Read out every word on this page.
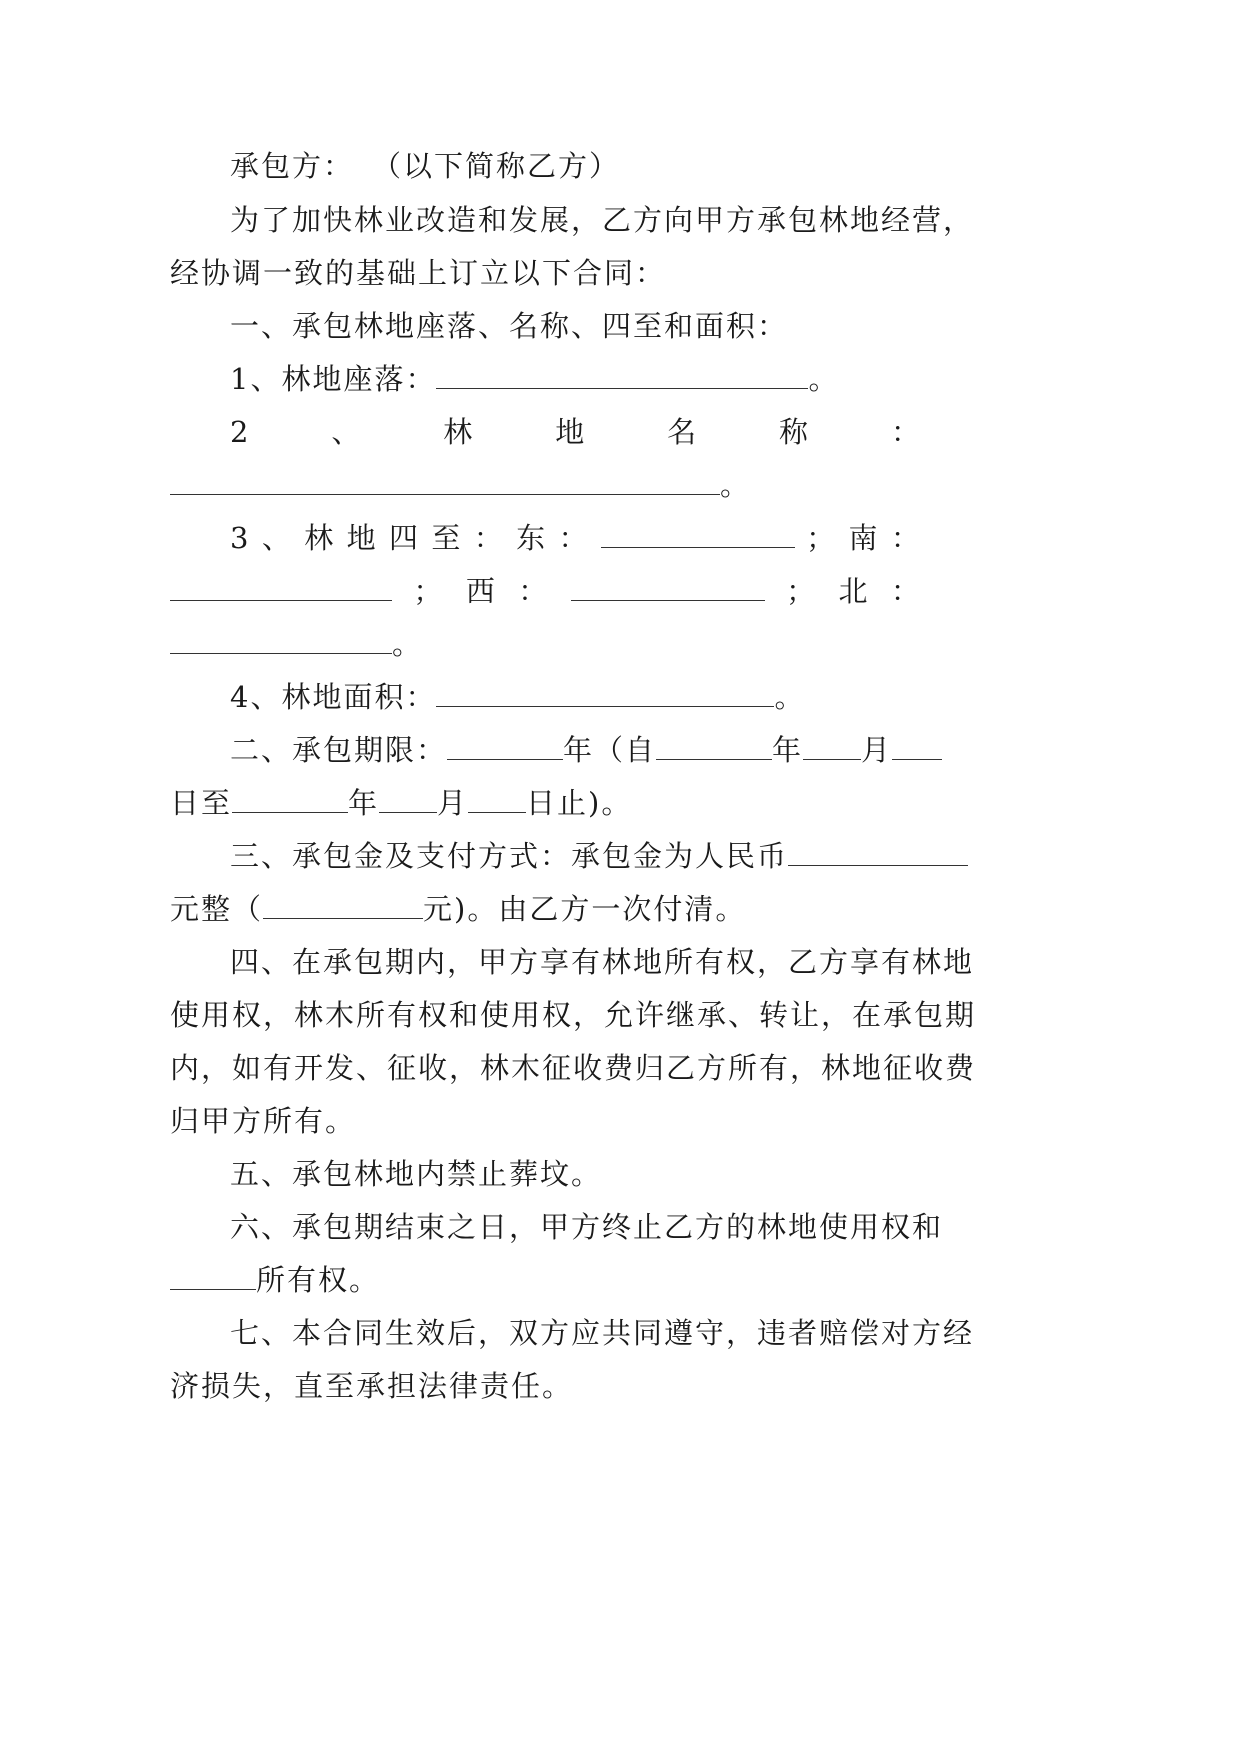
承包方： （以下简称乙方）
为了加快林业改造和发展，乙方向甲方承包林地经营，
经协调一致的基础上订立以下合同：
一、承包林地座落、名称、四至和面积：
1、林地座落：	。
2	、	林	地	名	称	：
。
3 、 林 地 四 至 ： 东 ：	； 南 ：
； 西 ：	； 北 ：
。
4、林地面积：	。
二、承包期限：	年（自	年 月
日至	年 月 日止)。
三、承包金及支付方式：承包金为人民币
元整（	元)。由乙方一次付清。
四、在承包期内，甲方享有林地所有权，乙方享有林地
使用权，林木所有权和使用权，允许继承、转让，在承包期
内，如有开发、征收，林木征收费归乙方所有，林地征收费
归甲方所有。
五、承包林地内禁止葬坟。
六、承包期结束之日，甲方终止乙方的林地使用权和
所有权。
七、本合同生效后，双方应共同遵守，违者赔偿对方经
济损失，直至承担法律责任。
